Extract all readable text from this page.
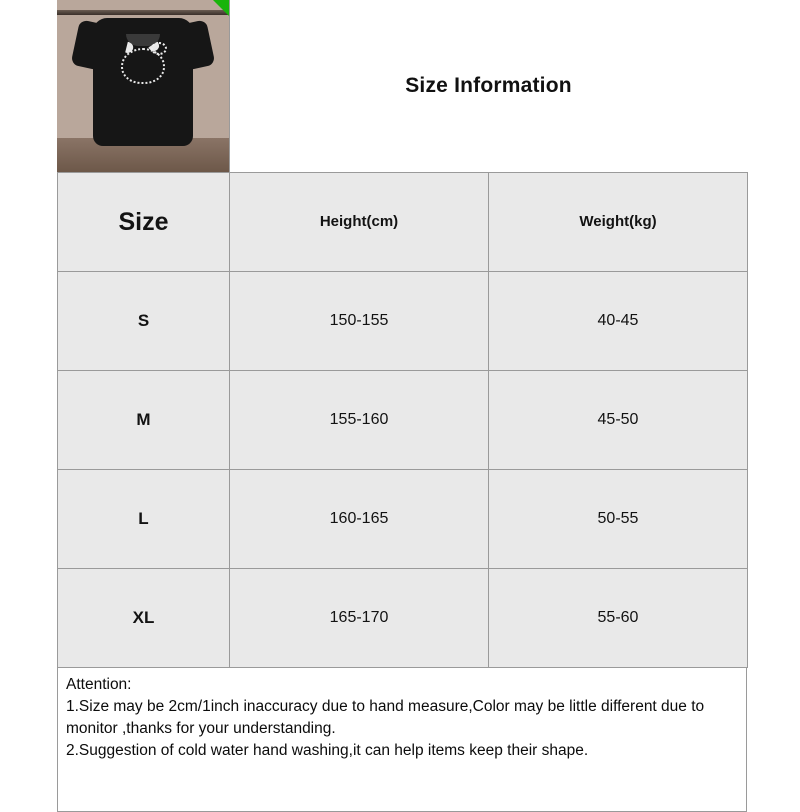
Size Information
Size	Height(cm)	Weight(kg)
S	150-155	40-45
M	155-160	45-50
L	160-165	50-55
XL	165-170	55-60

Attention:

1.Size may be 2cm/1inch inaccuracy due to hand measure,Color may be little different due to monitor ,thanks for your understanding.

2.Suggestion of cold water hand washing,it can help items keep their shape.
